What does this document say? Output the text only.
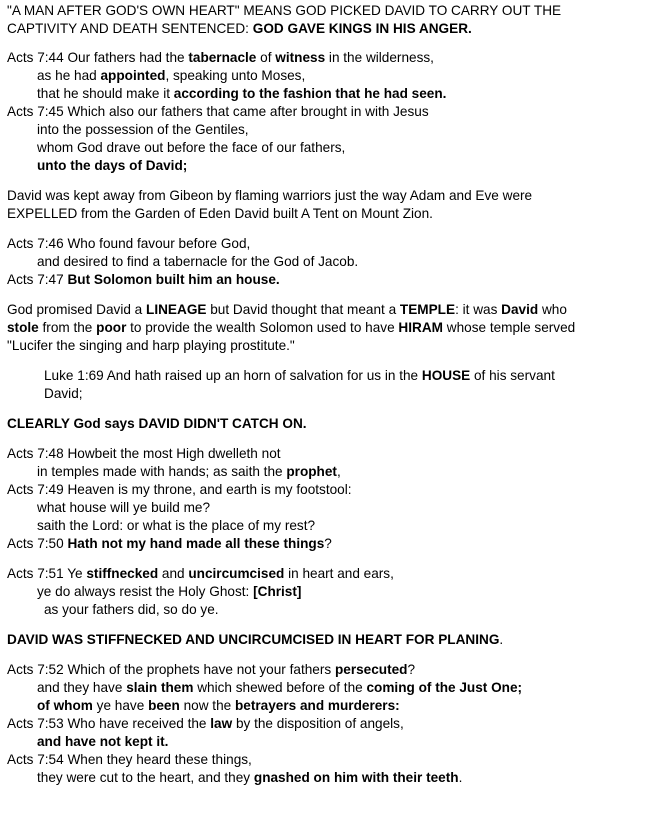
"A MAN AFTER GOD'S OWN HEART" MEANS GOD PICKED DAVID TO CARRY OUT THE
CAPTIVITY AND DEATH SENTENCED: GOD GAVE KINGS IN HIS ANGER.
Acts 7:44 Our fathers had the tabernacle of witness in the wilderness,
as he had appointed, speaking unto Moses,
that he should make it according to the fashion that he had seen.
Acts 7:45 Which also our fathers that came after brought in with Jesus
into the possession of the Gentiles,
whom God drave out before the face of our fathers,
unto the days of David;
David was kept away from Gibeon by flaming warriors just the way Adam and Eve were
EXPELLED from the Garden of Eden David built A Tent on Mount Zion.
Acts 7:46 Who found favour before God,
and desired to find a tabernacle for the God of Jacob.
Acts 7:47 But Solomon built him an house.
God promised David a LINEAGE but David thought that meant a TEMPLE: it was David who
stole from the poor to provide the wealth Solomon used to have HIRAM whose temple served
"Lucifer the singing and harp playing prostitute."
Luke 1:69 And hath raised up an horn of salvation for us in the HOUSE of his servant
David;
CLEARLY God says DAVID DIDN'T CATCH ON.
Acts 7:48 Howbeit the most High dwelleth not
in temples made with hands; as saith the prophet,
Acts 7:49 Heaven is my throne, and earth is my footstool:
what house will ye build me?
saith the Lord: or what is the place of my rest?
Acts 7:50 Hath not my hand made all these things?
Acts 7:51 Ye stiffnecked and uncircumcised in heart and ears,
ye do always resist the Holy Ghost: [Christ]
as your fathers did, so do ye.
DAVID WAS STIFFNECKED AND UNCIRCUMCISED IN HEART FOR PLANING.
Acts 7:52 Which of the prophets have not your fathers persecuted?
and they have slain them which shewed before of the coming of the Just One;
of whom ye have been now the betrayers and murderers:
Acts 7:53 Who have received the law by the disposition of angels,
and have not kept it.
Acts 7:54 When they heard these things,
they were cut to the heart, and they gnashed on him with their teeth.
